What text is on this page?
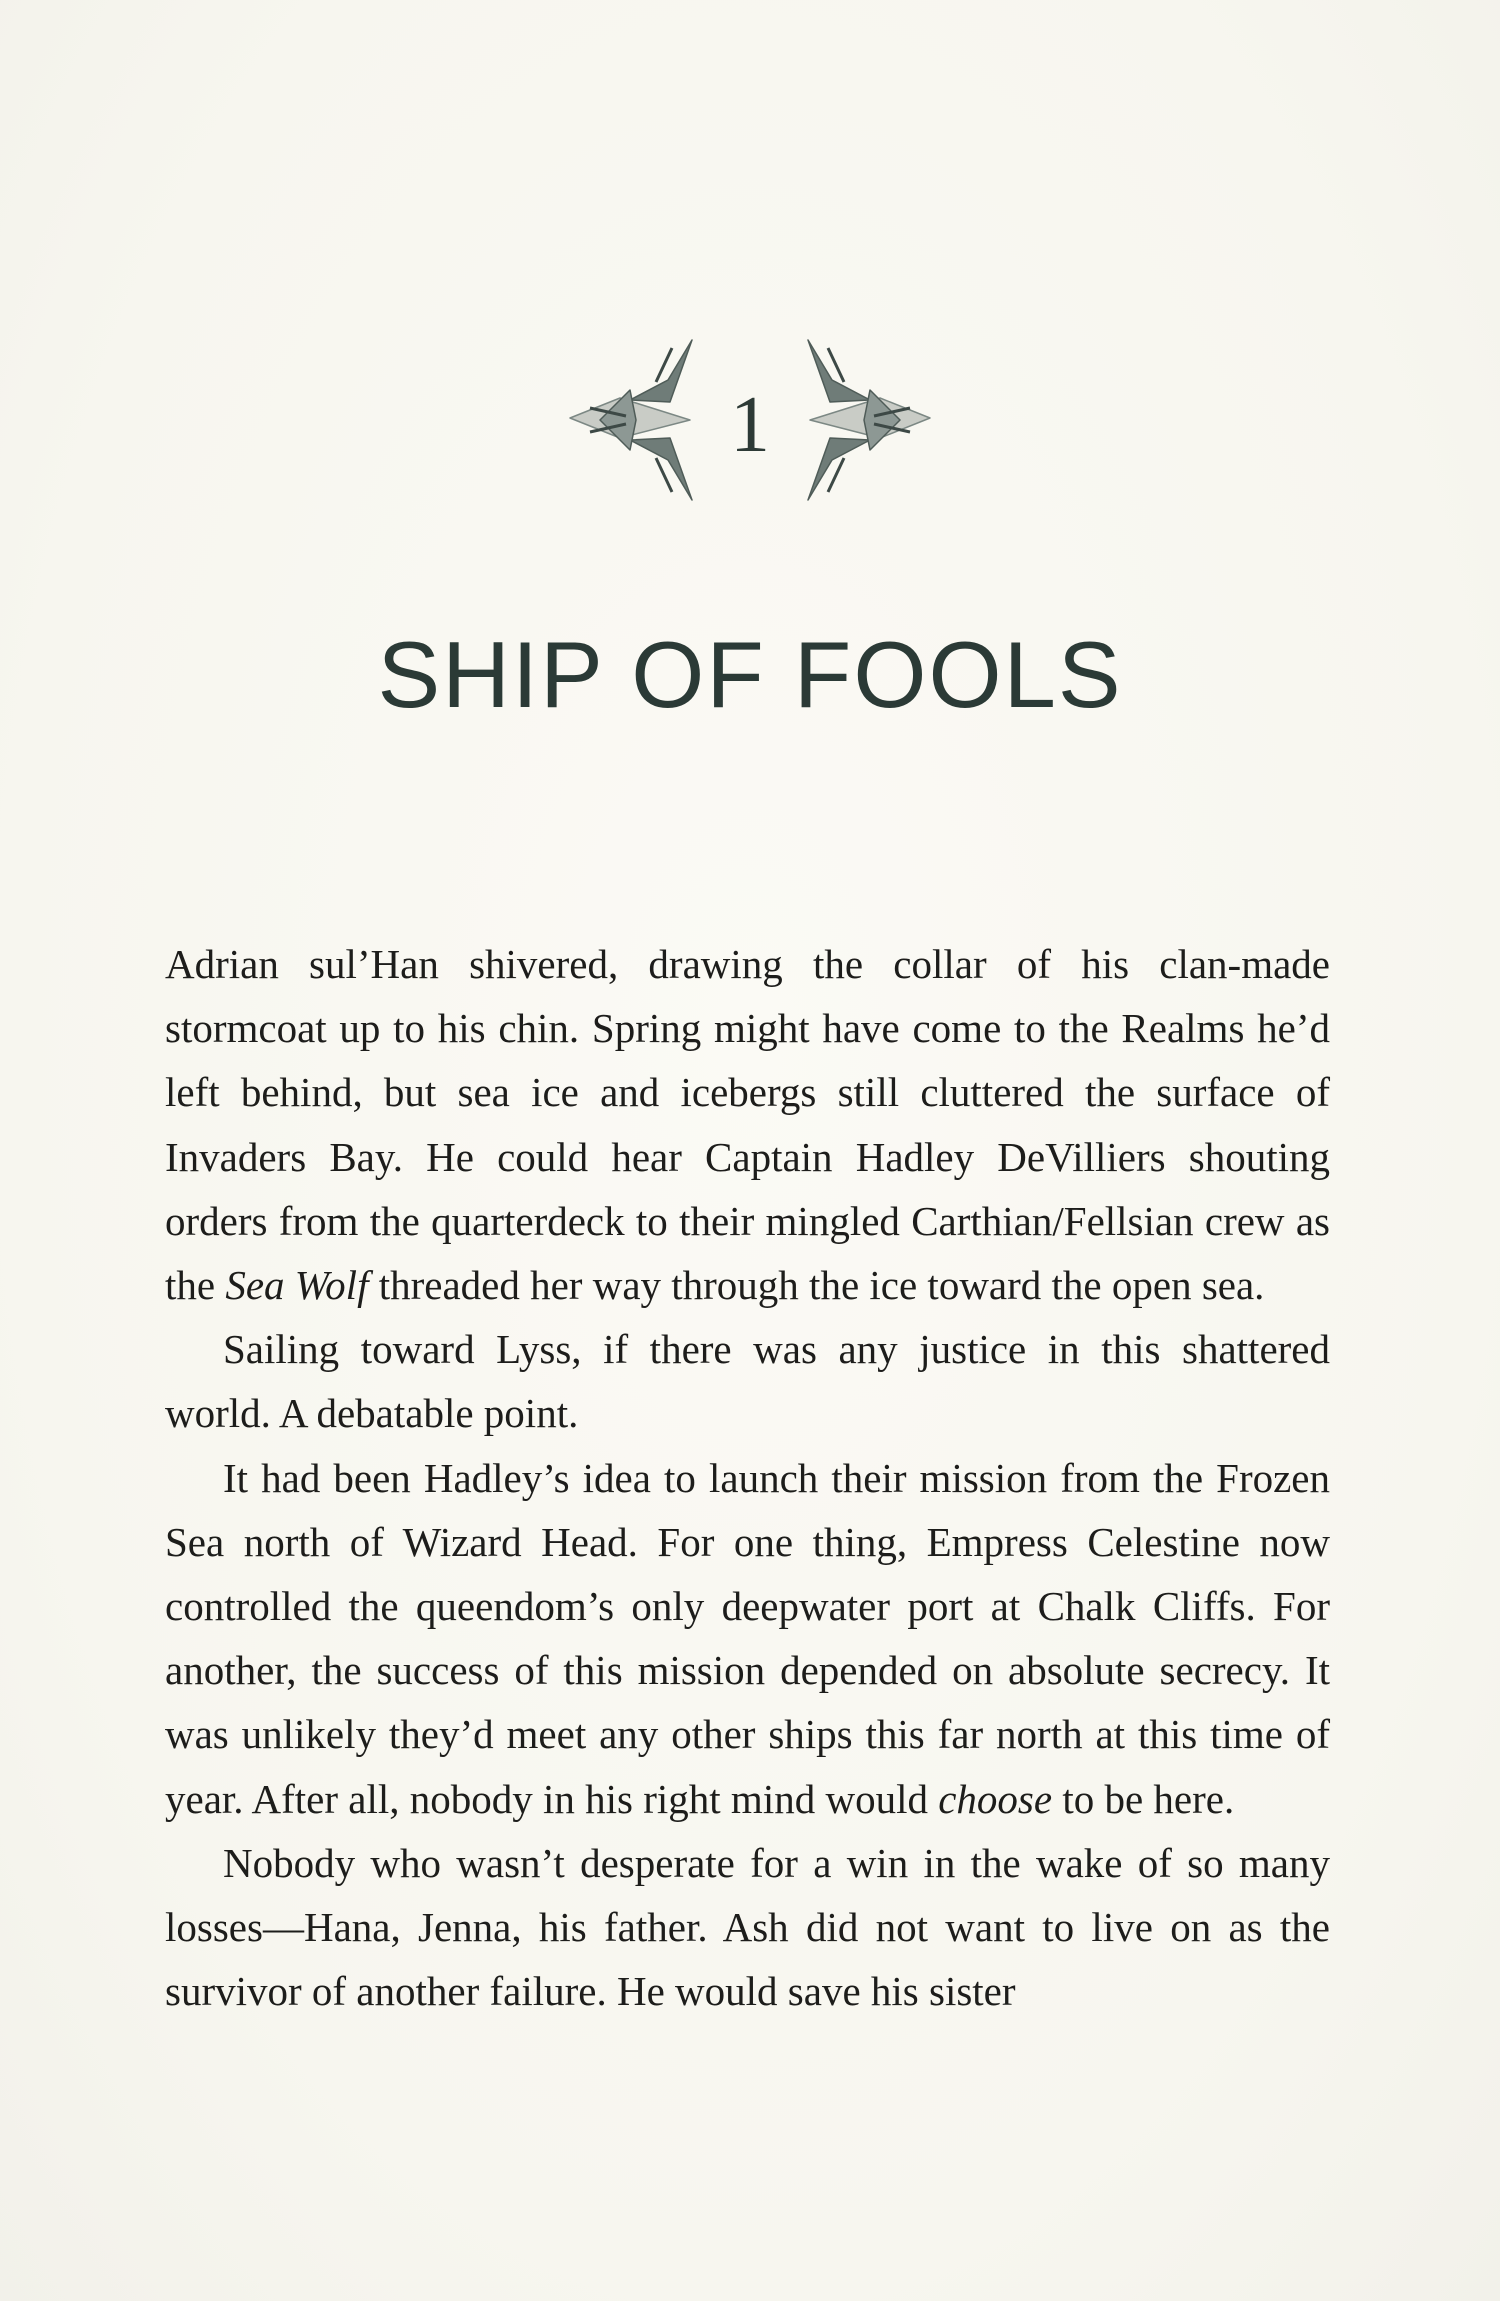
1
SHIP OF FOOLS

Adrian sul’Han shivered, drawing the collar of his clan-made stormcoat up to his chin. Spring might have come to the Realms he’d left behind, but sea ice and icebergs still cluttered the surface of Invaders Bay. He could hear Captain Hadley DeVilliers shouting orders from the quarterdeck to their mingled Carthian/Fellsian crew as the Sea Wolf threaded her way through the ice toward the open sea.

Sailing toward Lyss, if there was any justice in this shattered world. A debatable point.

It had been Hadley’s idea to launch their mission from the Frozen Sea north of Wizard Head. For one thing, Empress Celestine now controlled the queendom’s only deepwater port at Chalk Cliffs. For another, the success of this mission depended on absolute secrecy. It was unlikely they’d meet any other ships this far north at this time of year. After all, nobody in his right mind would choose to be here.

Nobody who wasn’t desperate for a win in the wake of so many losses—Hana, Jenna, his father. Ash did not want to live on as the survivor of another failure. He would save his sister
